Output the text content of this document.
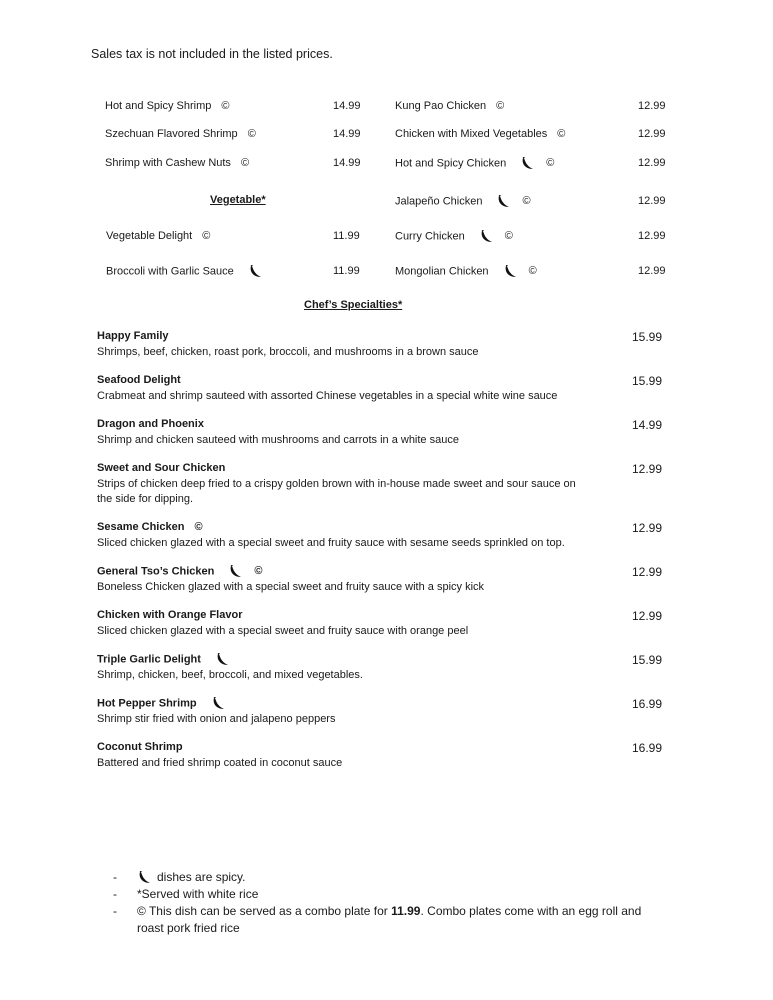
Sales tax is not included in the listed prices.
Hot and Spicy Shrimp ©	14.99
Szechuan Flavored Shrimp ©	14.99
Shrimp with Cashew Nuts ©	14.99
Vegetable Delight ©	11.99
Broccoli with Garlic Sauce	11.99
Kung Pao Chicken ©	12.99
Chicken with Mixed Vegetables ©	12.99
Hot and Spicy Chicken	©	12.99
Jalapeño Chicken	©	12.99
Curry Chicken	©	12.99
Mongolian Chicken	©	12.99
Vegetable*
Chef’s Specialties*
Happy Family
Shrimps, beef, chicken, roast pork, broccoli, and mushrooms in a brown sauce
15.99
Seafood Delight
Crabmeat and shrimp sauteed with assorted Chinese vegetables in a special white wine sauce
15.99
Dragon and Phoenix
Shrimp and chicken sauteed with mushrooms and carrots in a white sauce
14.99
Sweet and Sour Chicken
Strips of chicken deep fried to a crispy golden brown with in-house made sweet and sour sauce on
the side for dipping.
12.99
Sesame Chicken ©
Sliced chicken glazed with a special sweet and fruity sauce with sesame seeds sprinkled on top.
12.99
General Tso’s Chicken	©
Boneless Chicken glazed with a special sweet and fruity sauce with a spicy kick
12.99
Chicken with Orange Flavor
Sliced chicken glazed with a special sweet and fruity sauce with orange peel
12.99
Triple Garlic Delight
Shrimp, chicken, beef, broccoli, and mixed vegetables.
15.99
Hot Pepper Shrimp
Shrimp stir fried with onion and jalapeno peppers
16.99
Coconut Shrimp
Battered and fried shrimp coated in coconut sauce
16.99
-	dishes are spicy.
- *Served with white rice
- © This dish can be served as a combo plate for 11.99. Combo plates come with an egg roll and
roast pork fried rice
